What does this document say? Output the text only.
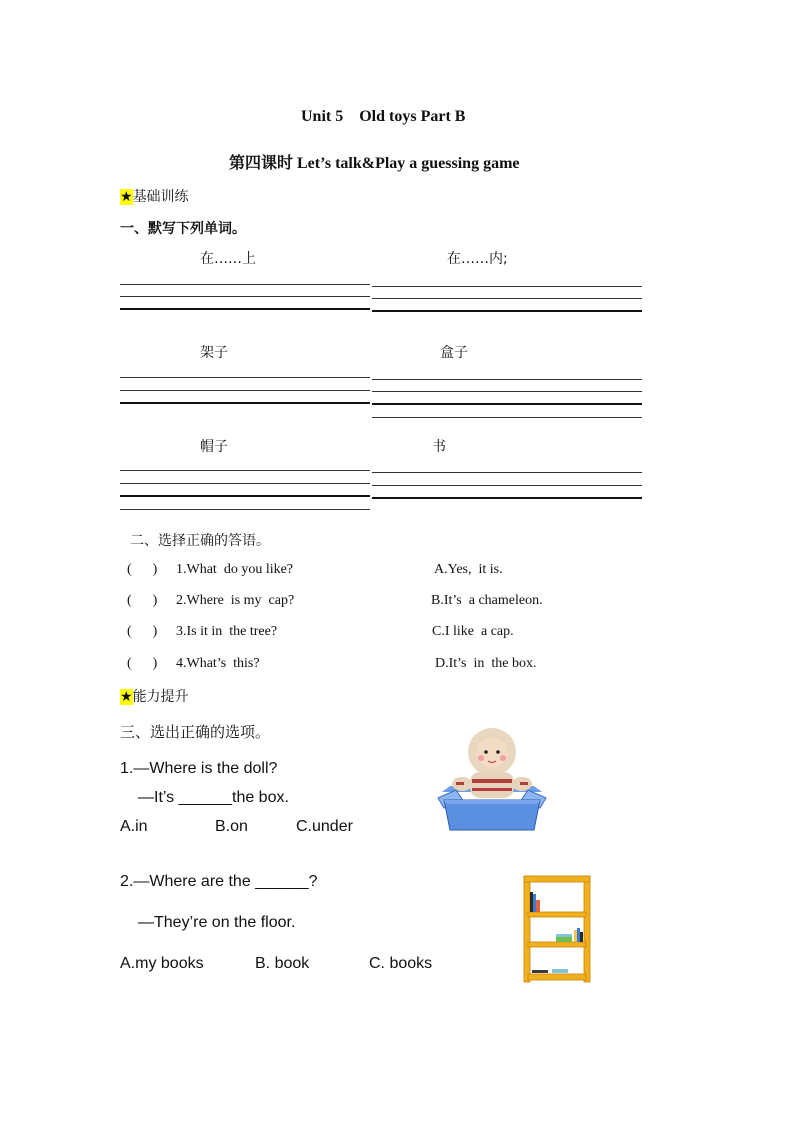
Unit 5    Old toys Part B
第四课时 Let’s talk&Play a guessing game
★基础训练
一、默写下列单词。
在……上	在……内;
架子	盒子
帽子	书
二、选择正确的答语。
(      ) 1.What  do you like?	A.Yes,  it is.
(      ) 2.Where  is my  cap?	B.It’s  a chameleon.
(      ) 3.Is it in  the tree?	C.I like  a cap.
(      ) 4.What’s  this?	D.It’s  in  the box.
★能力提升
三、选出正确的选项。
1.—Where is the doll?
—It’s ______the box.
A.in	B.on	C.under
2.—Where are the ______?
—They’re on the floor.
A.my books	B. book	C. books
